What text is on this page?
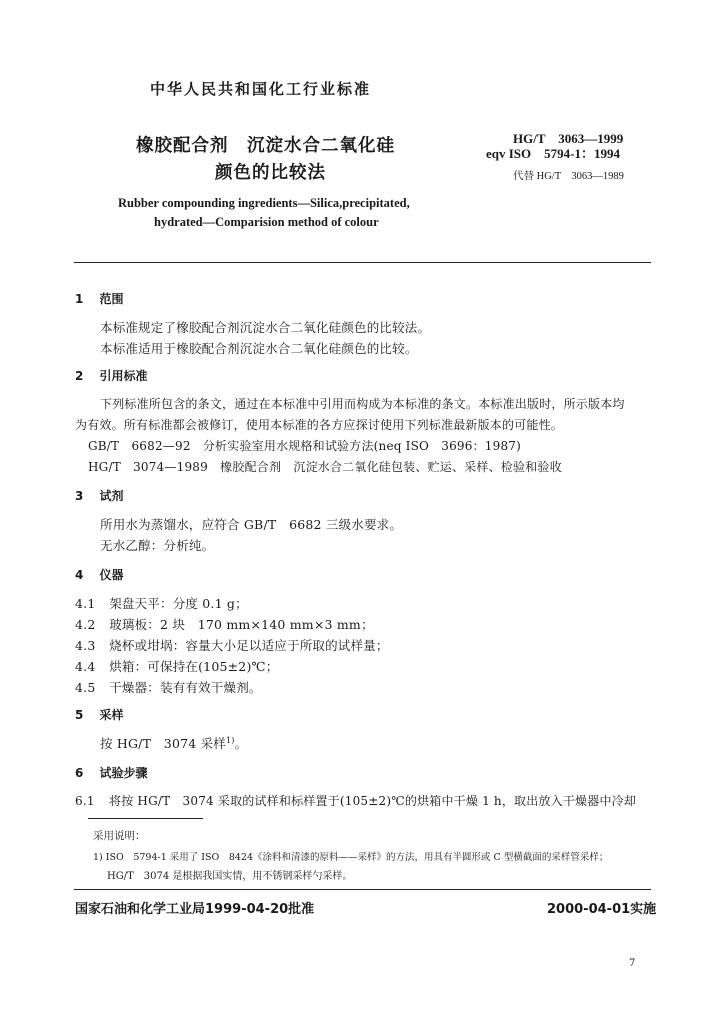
中华人民共和国化工行业标准
橡胶配合剂　沉淀水合二氧化硅
颜色的比较法
HG/T　3063—1999
eqv ISO　5794-1：1994
代替 HG/T　3063—1989
Rubber compounding ingredients—Silica,precipitated,
hydrated—Comparision method of colour
1 范围
本标准规定了橡胶配合剂沉淀水合二氧化硅颜色的比较法。
本标准适用于橡胶配合剂沉淀水合二氧化硅颜色的比较。
2 引用标准
下列标准所包含的条文，通过在本标准中引用而构成为本标准的条文。本标准出版时，所示版本均
为有效。所有标准都会被修订，使用本标准的各方应探讨使用下列标准最新版本的可能性。
GB/T　6682—92　分析实验室用水规格和试验方法(neq ISO　3696：1987)
HG/T　3074—1989　橡胶配合剂　沉淀水合二氧化硅包装、贮运、采样、检验和验收
3 试剂
所用水为蒸馏水，应符合 GB/T　6682 三级水要求。
无水乙醇：分析纯。
4 仪器
4.1 架盘天平：分度 0.1 g；
4.2 玻璃板：2 块　170 mm×140 mm×3 mm；
4.3 烧杯或坩埚：容量大小足以适应于所取的试样量；
4.4 烘箱：可保持在(105±2)℃；
4.5 干燥器：装有有效干燥剂。
5 采样
按 HG/T　3074 采样$^{1)}$。
6 试验步骤
6.1 将按 HG/T　3074 采取的试样和标样置于(105±2)℃的烘箱中干燥 1 h，取出放入干燥器中冷却
采用说明：
1) ISO　5794-1 采用了 ISO　8424《涂料和清漆的原料——采样》的方法，用具有半圆形或 C 型横截面的采样管采样；
HG/T　3074 是根据我国实情，用不锈钢采样勺采样。
国家石油和化学工业局1999-04-20批准	2000-04-01实施
7
